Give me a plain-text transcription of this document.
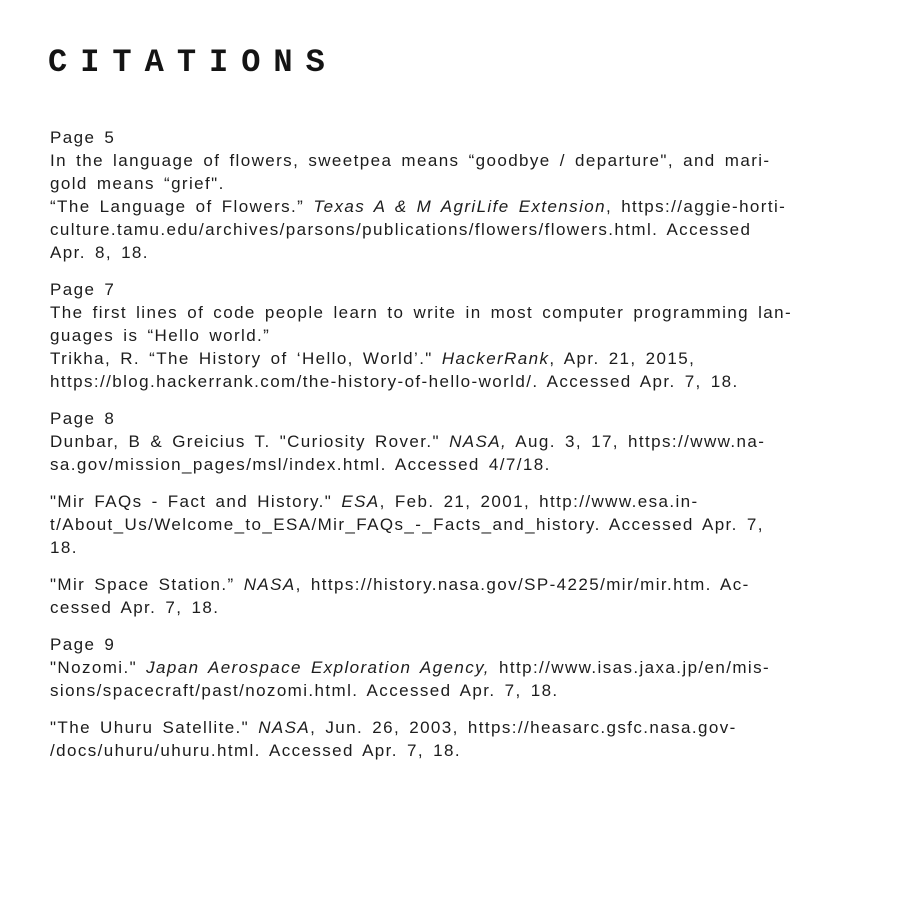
CITATIONS
Page 5
In the language of flowers, sweetpea means “goodbye / departure", and mari-
gold means “grief".
“The Language of Flowers.” Texas A & M AgriLife Extension, https://aggie-horti-
culture.tamu.edu/archives/parsons/publications/flowers/flowers.html. Accessed
Apr. 8, 18.
Page 7
The first lines of code people learn to write in most computer programming lan-
guages is “Hello world.”
Trikha, R. “The History of ‘Hello, World’." HackerRank, Apr. 21, 2015,
https://blog.hackerrank.com/the-history-of-hello-world/. Accessed Apr. 7, 18.
Page 8
Dunbar, B & Greicius T. "Curiosity Rover." NASA, Aug. 3, 17, https://www.na-
sa.gov/mission_pages/msl/index.html. Accessed 4/7/18.
"Mir FAQs - Fact and History." ESA, Feb. 21, 2001, http://www.esa.in-
t/About_Us/Welcome_to_ESA/Mir_FAQs_-_Facts_and_history. Accessed Apr. 7,
18.
"Mir Space Station.” NASA, https://history.nasa.gov/SP-4225/mir/mir.htm. Ac-
cessed Apr. 7, 18.
Page 9
"Nozomi." Japan Aerospace Exploration Agency, http://www.isas.jaxa.jp/en/mis-
sions/spacecraft/past/nozomi.html. Accessed Apr. 7, 18.
"The Uhuru Satellite." NASA, Jun. 26, 2003, https://heasarc.gsfc.nasa.gov-
/docs/uhuru/uhuru.html. Accessed Apr. 7, 18.
